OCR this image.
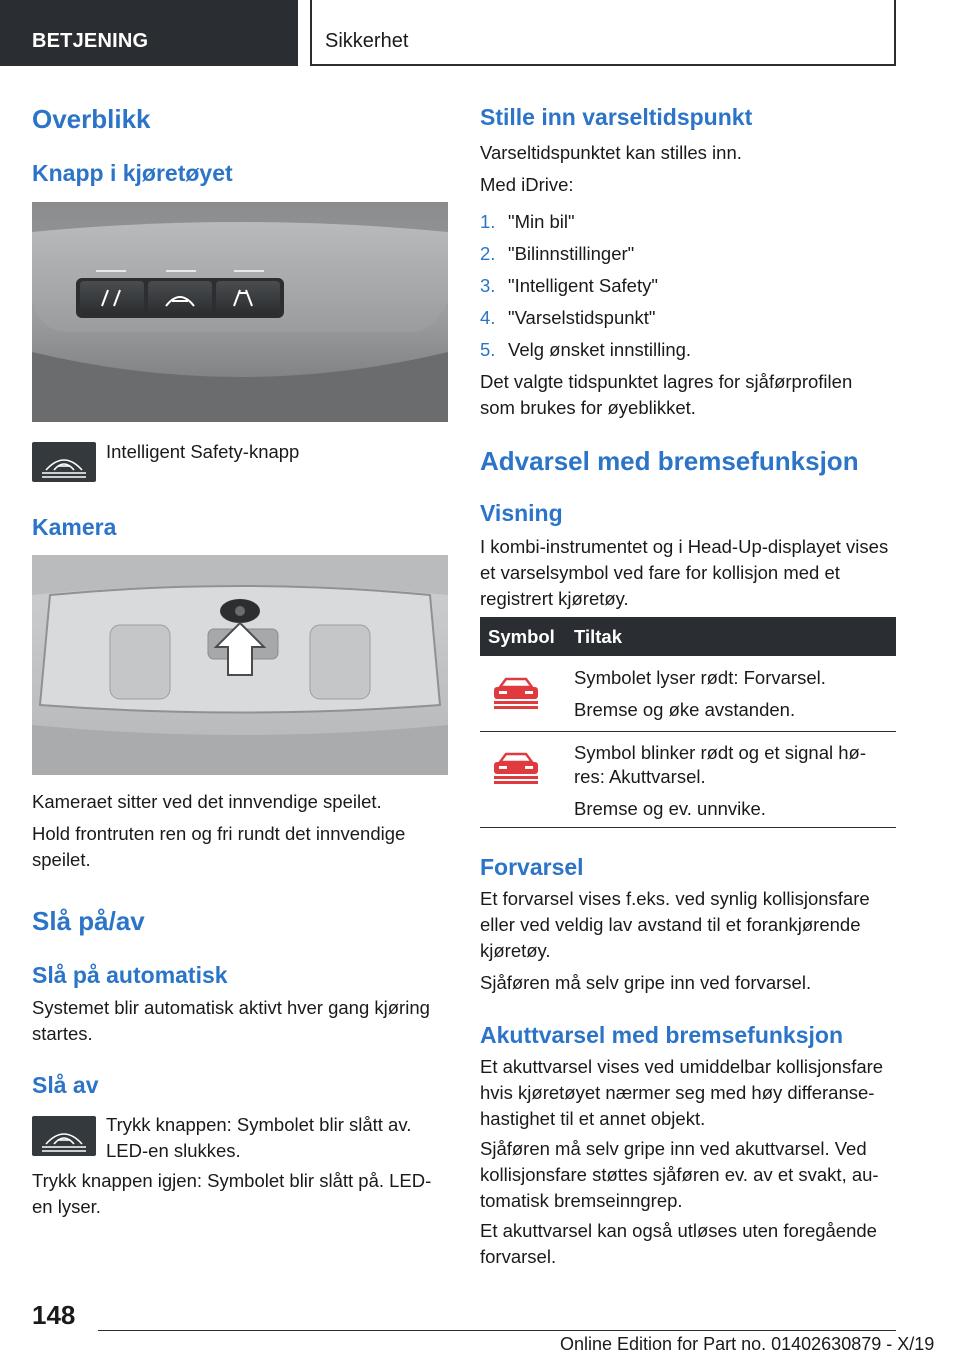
BETJENING	Sikkerhet
Overblikk
Knapp i kjøretøyet
Intelligent Safety-knapp
Kamera
Kameraet sitter ved det innvendige speilet.
Hold frontruten ren og fri rundt det innvendige speilet.
Slå på/av
Slå på automatisk
Systemet blir automatisk aktivt hver gang kjøring startes.
Slå av
Trykk knappen: Symbolet blir slått av.
LED-en slukkes.
Trykk knappen igjen: Symbolet blir slått på. LED-en lyser.
Stille inn varseltidspunkt
Varseltidspunktet kan stilles inn.
Med iDrive:
1. "Min bil"
2. "Bilinnstillinger"
3. "Intelligent Safety"
4. "Varselstidspunkt"
5. Velg ønsket innstilling.
Det valgte tidspunktet lagres for sjåførprofilen som brukes for øyeblikket.
Advarsel med bremsefunksjon
Visning
I kombi-instrumentet og i Head-Up-displayet vises et varselsymbol ved fare for kollisjon med et registrert kjøretøy.
Symbol Tiltak
Symbolet lyser rødt: Forvarsel.
Bremse og øke avstanden.
Symbol blinker rødt og et signal hø-
res: Akuttvarsel.
Bremse og ev. unnvike.
Forvarsel
Et forvarsel vises f.eks. ved synlig kollisjonsfare eller ved veldig lav avstand til et forankjørende kjøretøy.
Sjåføren må selv gripe inn ved forvarsel.
Akuttvarsel med bremsefunksjon
Et akuttvarsel vises ved umiddelbar kollisjonsfare hvis kjøretøyet nærmer seg med høy differanse-hastighet til et annet objekt.
Sjåføren må selv gripe inn ved akuttvarsel. Ved kollisjonsfare støttes sjåføren ev. av et svakt, au-tomatisk bremseinngrep.
Et akuttvarsel kan også utløses uten foregående forvarsel.
148
Online Edition for Part no. 01402630879 - X/19
